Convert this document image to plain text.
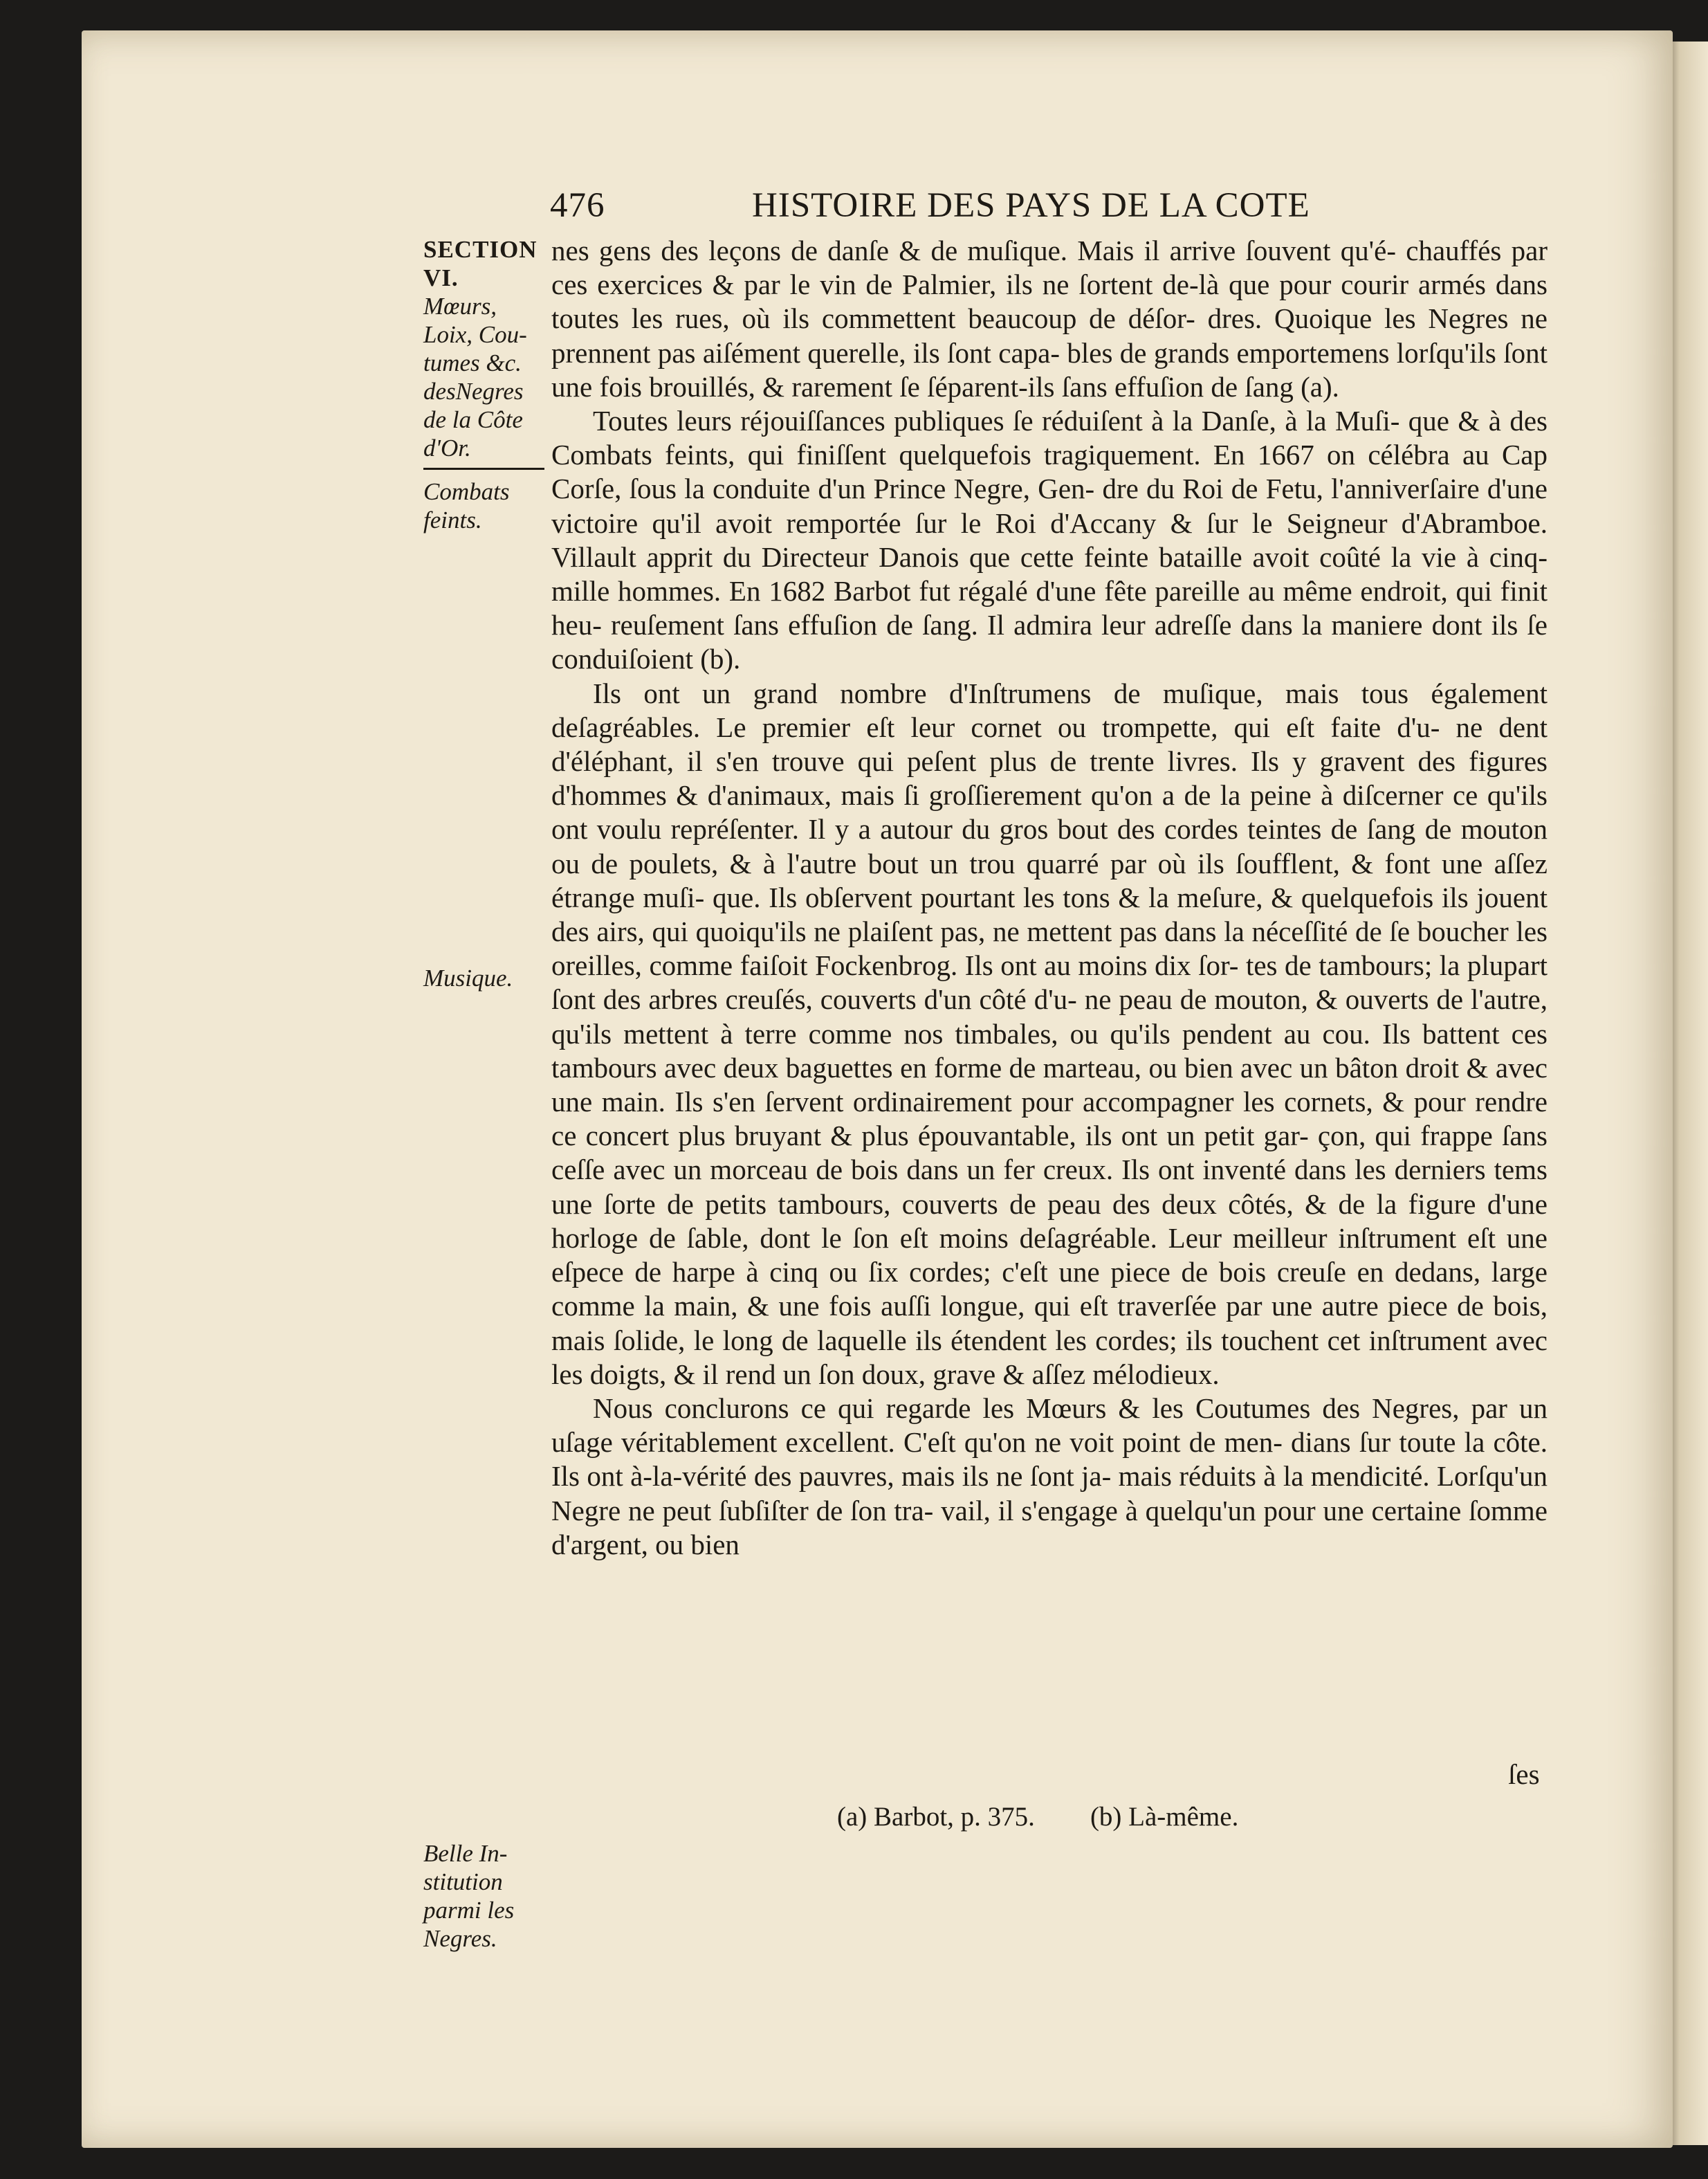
476	HISTOIRE DES PAYS DE LA COTE
SECTION VI.
Mœurs,
Loix, Cou-
tumes &c.
desNegres
de la Côte
d'Or.
Combats
feints.
Musique.
Belle In-
stitution
parmi les
Negres.

nes gens des leçons de danſe & de muſique. Mais il arrive ſouvent qu'é- chauffés par ces exercices & par le vin de Palmier, ils ne ſortent de-là que pour courir armés dans toutes les rues, où ils commettent beaucoup de déſor- dres. Quoique les Negres ne prennent pas aiſément querelle, ils ſont capa- bles de grands emportemens lorſqu'ils ſont une fois brouillés, & rarement ſe ſéparent-ils ſans effuſion de ſang (a).

Toutes leurs réjouiſſances publiques ſe réduiſent à la Danſe, à la Muſi- que & à des Combats feints, qui finiſſent quelquefois tragiquement. En 1667 on célébra au Cap Corſe, ſous la conduite d'un Prince Negre, Gen- dre du Roi de Fetu, l'anniverſaire d'une victoire qu'il avoit remportée ſur le Roi d'Accany & ſur le Seigneur d'Abramboe. Villault apprit du Directeur Danois que cette feinte bataille avoit coûté la vie à cinq-mille hommes. En 1682 Barbot fut régalé d'une fête pareille au même endroit, qui finit heu- reuſement ſans effuſion de ſang. Il admira leur adreſſe dans la maniere dont ils ſe conduiſoient (b).

Ils ont un grand nombre d'Inſtrumens de muſique, mais tous également deſagréables. Le premier eſt leur cornet ou trompette, qui eſt faite d'u- ne dent d'éléphant, il s'en trouve qui peſent plus de trente livres. Ils y gravent des figures d'hommes & d'animaux, mais ſi groſſierement qu'on a de la peine à diſcerner ce qu'ils ont voulu repréſenter. Il y a autour du gros bout des cordes teintes de ſang de mouton ou de poulets, & à l'autre bout un trou quarré par où ils ſoufflent, & font une aſſez étrange muſi- que. Ils obſervent pourtant les tons & la meſure, & quelquefois ils jouent des airs, qui quoiqu'ils ne plaiſent pas, ne mettent pas dans la néceſſité de ſe boucher les oreilles, comme faiſoit Fockenbrog. Ils ont au moins dix ſor- tes de tambours; la plupart ſont des arbres creuſés, couverts d'un côté d'u- ne peau de mouton, & ouverts de l'autre, qu'ils mettent à terre comme nos timbales, ou qu'ils pendent au cou. Ils battent ces tambours avec deux baguettes en forme de marteau, ou bien avec un bâton droit & avec une main. Ils s'en ſervent ordinairement pour accompagner les cornets, & pour rendre ce concert plus bruyant & plus épouvantable, ils ont un petit gar- çon, qui frappe ſans ceſſe avec un morceau de bois dans un fer creux. Ils ont inventé dans les derniers tems une ſorte de petits tambours, couverts de peau des deux côtés, & de la figure d'une horloge de ſable, dont le ſon eſt moins deſagréable. Leur meilleur inſtrument eſt une eſpece de harpe à cinq ou ſix cordes; c'eſt une piece de bois creuſe en dedans, large comme la main, & une fois auſſi longue, qui eſt traverſée par une autre piece de bois, mais ſolide, le long de laquelle ils étendent les cordes; ils touchent cet inſtrument avec les doigts, & il rend un ſon doux, grave & aſſez mélodieux.

Nous conclurons ce qui regarde les Mœurs & les Coutumes des Negres, par un uſage véritablement excellent. C'eſt qu'on ne voit point de men- dians ſur toute la côte. Ils ont à-la-vérité des pauvres, mais ils ne ſont ja- mais réduits à la mendicité. Lorſqu'un Negre ne peut ſubſiſter de ſon tra- vail, il s'engage à quelqu'un pour une certaine ſomme d'argent, ou bien

ſes
(a) Barbot, p. 375. (b) Là-même.
